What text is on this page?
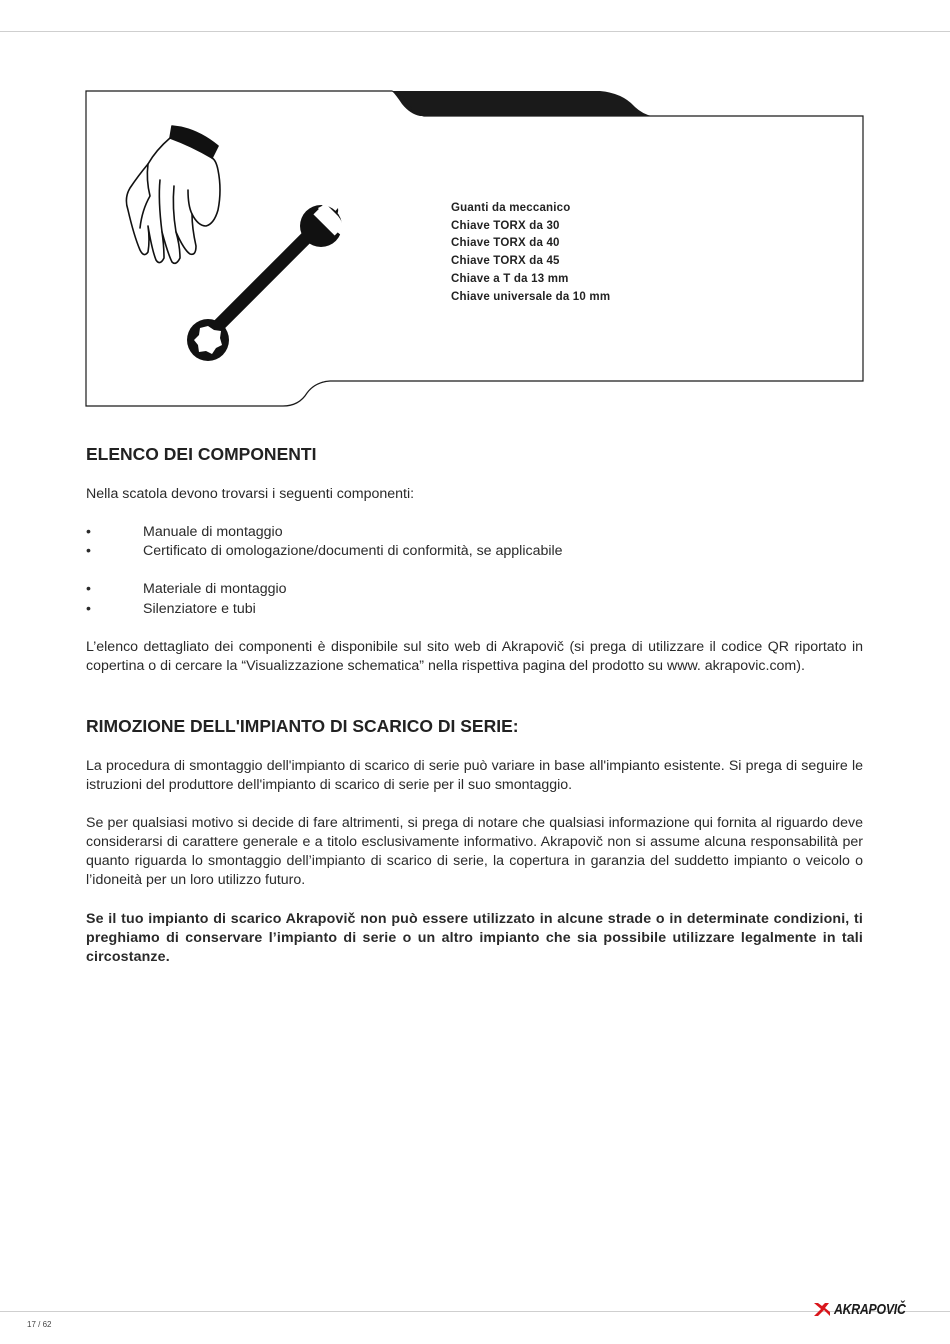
Guanti da meccanico
Chiave TORX da 30
Chiave TORX da 40
Chiave TORX da 45
Chiave a T da 13 mm
Chiave universale da 10 mm
ELENCO DEI COMPONENTI

Nella scatola devono trovarsi i seguenti componenti:

•	Manuale di montaggio
•	Certificato di omologazione/documenti di conformità, se applicabile
•	Materiale di montaggio
•	Silenziatore e tubi

L’elenco dettagliato dei componenti è disponibile sul sito web di Akrapovič (si prega di utilizzare il codice QR riportato in copertina o di cercare la “Visualizzazione schematica” nella rispettiva pagina del prodotto su www. akrapovic.com).

RIMOZIONE DELL'IMPIANTO DI SCARICO DI SERIE:

La procedura di smontaggio dell'impianto di scarico di serie può variare in base all'impianto esistente. Si prega di seguire le istruzioni del produttore dell'impianto di scarico di serie per il suo smontaggio.

Se per qualsiasi motivo si decide di fare altrimenti, si prega di notare che qualsiasi informazione qui fornita al riguardo deve considerarsi di carattere generale e a titolo esclusivamente informativo. Akrapovič non si assume alcuna responsabilità per quanto riguarda lo smontaggio dell’impianto di scarico di serie, la copertura in garanzia del suddetto impianto o veicolo o l’idoneità per un loro utilizzo futuro.

Se il tuo impianto di scarico Akrapovič non può essere utilizzato in alcune strade o in determinate condizioni, ti preghiamo di conservare l’impianto di serie o un altro impianto che sia possibile utilizzare legalmente in tali circostanze.

17 / 62
AKRAPOVIČ
